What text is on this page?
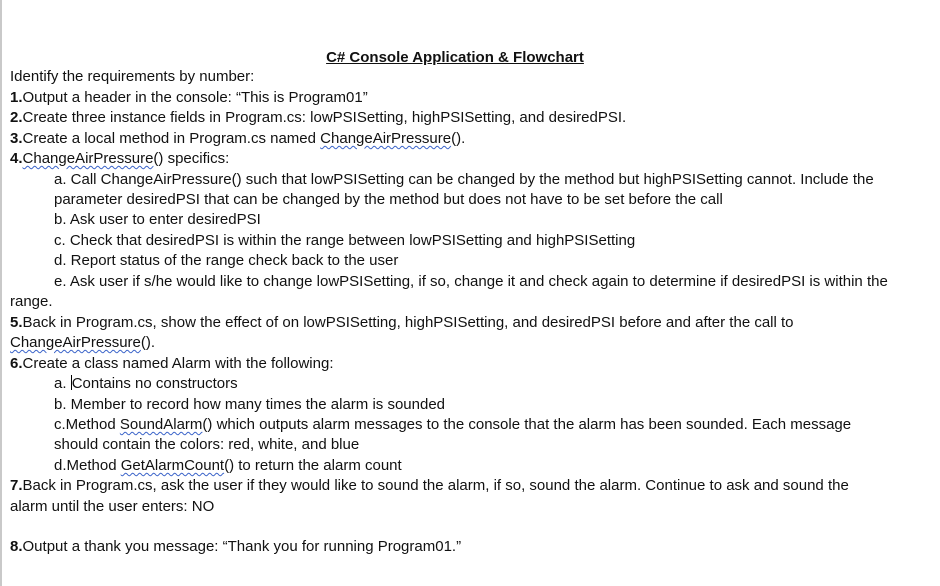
C# Console Application & Flowchart
Identify the requirements by number:
1.Output a header in the console: “This is Program01”
2.Create three instance fields in Program.cs: lowPSISetting, highPSISetting, and desiredPSI.
3.Create a local method in Program.cs named ChangeAirPressure().
4.ChangeAirPressure() specifics:
a. Call ChangeAirPressure() such that lowPSISetting can be changed by the method but highPSISetting cannot. Include the
parameter desiredPSI that can be changed by the method but does not have to be set before the call
b. Ask user to enter desiredPSI
c. Check that desiredPSI is within the range between lowPSISetting and highPSISetting
d. Report status of the range check back to the user
e. Ask user if s/he would like to change lowPSISetting, if so, change it and check again to determine if desiredPSI is within the
range.
5.Back in Program.cs, show the effect of on lowPSISetting, highPSISetting, and desiredPSI before and after the call to
ChangeAirPressure().
6.Create a class named Alarm with the following:
a. Contains no constructors
b. Member to record how many times the alarm is sounded
c.Method SoundAlarm() which outputs alarm messages to the console that the alarm has been sounded. Each message
should contain the colors: red, white, and blue
d.Method GetAlarmCount() to return the alarm count
7.Back in Program.cs, ask the user if they would like to sound the alarm, if so, sound the alarm. Continue to ask and sound the
alarm until the user enters: NO
8.Output a thank you message: “Thank you for running Program01.”
